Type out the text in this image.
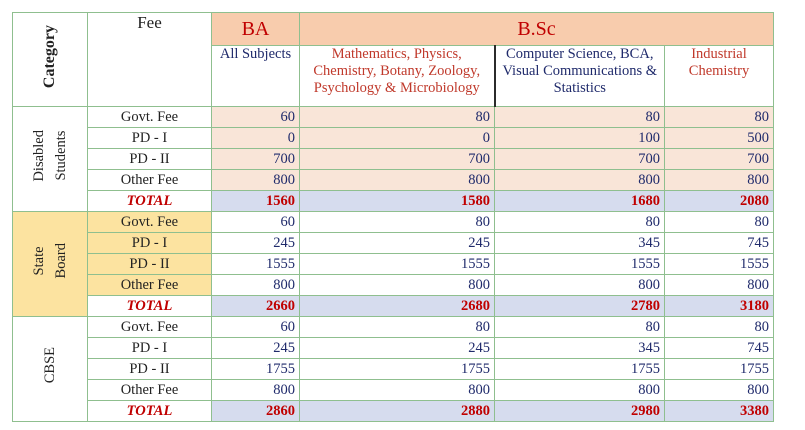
Category	Fee	BA	B.Sc		
		All Subjects	Mathematics, Physics, Chemistry, Botany, Zoology, Psychology & Microbiology	Computer Science, BCA, Visual Communications & Statistics	Industrial Chemistry
Disabled
Students	Govt. Fee	60	80	80	80
	PD - I	0	0	100	500
	PD - II	700	700	700	700
	Other Fee	800	800	800	800
	TOTAL	1560	1580	1680	2080
State
Board	Govt. Fee	60	80	80	80
	PD - I	245	245	345	745
	PD - II	1555	1555	1555	1555
	Other Fee	800	800	800	800
	TOTAL	2660	2680	2780	3180
CBSE	Govt. Fee	60	80	80	80
	PD - I	245	245	345	745
	PD - II	1755	1755	1755	1755
	Other Fee	800	800	800	800
	TOTAL	2860	2880	2980	3380
